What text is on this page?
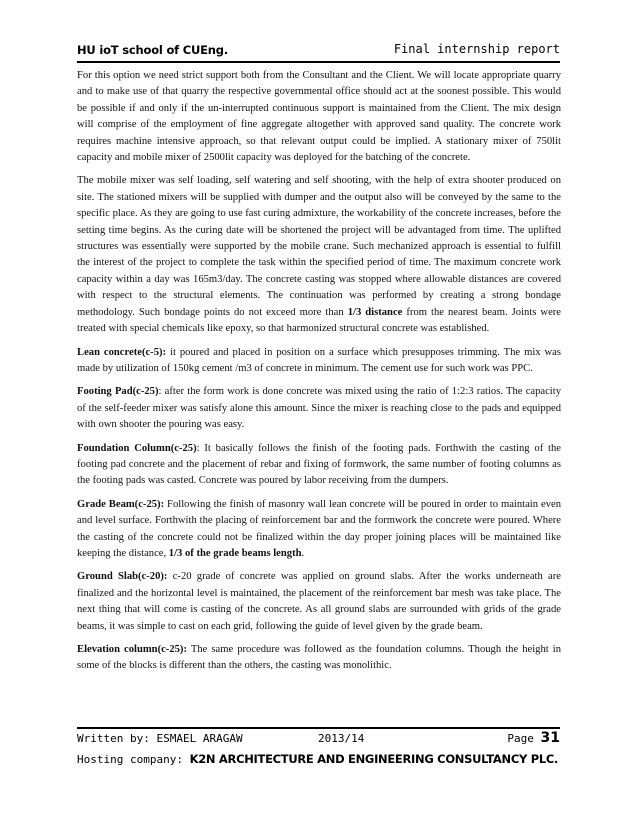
HU ioT school of CUEng.	Final internship report

For this option we need strict support both from the Consultant and the Client. We will locate appropriate quarry and to make use of that quarry the respective governmental office should act at the soonest possible. This would be possible if and only if the un-interrupted continuous support is maintained from the Client. The mix design will comprise of the employment of fine aggregate altogether with approved sand quality. The concrete work requires machine intensive approach, so that relevant output could be implied. A stationary mixer of 750lit capacity and mobile mixer of 2500lit capacity was deployed for the batching of the concrete.

The mobile mixer was self loading, self watering and self shooting, with the help of extra shooter produced on site. The stationed mixers will be supplied with dumper and the output also will be conveyed by the same to the specific place. As they are going to use fast curing admixture, the workability of the concrete increases, before the setting time begins. As the curing date will be shortened the project will be advantaged from time. The uplifted structures was essentially were supported by the mobile crane. Such mechanized approach is essential to fulfill the interest of the project to complete the task within the specified period of time. The maximum concrete work capacity within a day was 165m3/day. The concrete casting was stopped where allowable distances are covered with respect to the structural elements. The continuation was performed by creating a strong bondage methodology. Such bondage points do not exceed more than 1/3 distance from the nearest beam. Joints were treated with special chemicals like epoxy, so that harmonized structural concrete was established.

Lean concrete(c-5): it poured and placed in position on a surface which presupposes trimming. The mix was made by utilization of 150kg cement /m3 of concrete in minimum. The cement use for such work was PPC.

Footing Pad(c-25): after the form work is done concrete was mixed using the ratio of 1:2:3 ratios. The capacity of the self-feeder mixer was satisfy alone this amount. Since the mixer is reaching close to the pads and equipped with own shooter the pouring was easy.

Foundation Column(c-25): It basically follows the finish of the footing pads. Forthwith the casting of the footing pad concrete and the placement of rebar and fixing of formwork, the same number of footing columns as the footing pads was casted. Concrete was poured by labor receiving from the dumpers.

Grade Beam(c-25): Following the finish of masonry wall lean concrete will be poured in order to maintain even and level surface. Forthwith the placing of reinforcement bar and the formwork the concrete were poured. Where the casting of the concrete could not be finalized within the day proper joining places will be maintained like keeping the distance, 1/3 of the grade beams length.

Ground Slab(c-20): c-20 grade of concrete was applied on ground slabs. After the works underneath are finalized and the horizontal level is maintained, the placement of the reinforcement bar mesh was take place. The next thing that will come is casting of the concrete. As all ground slabs are surrounded with grids of the grade beams, it was simple to cast on each grid, following the guide of level given by the grade beam.

Elevation column(c-25): The same procedure was followed as the foundation columns. Though the height in some of the blocks is different than the others, the casting was monolithic.

Written by: ESMAEL ARAGAW	2013/14	Page 31
Hosting company: K2N ARCHITECTURE AND ENGINEERING CONSULTANCY PLC.
